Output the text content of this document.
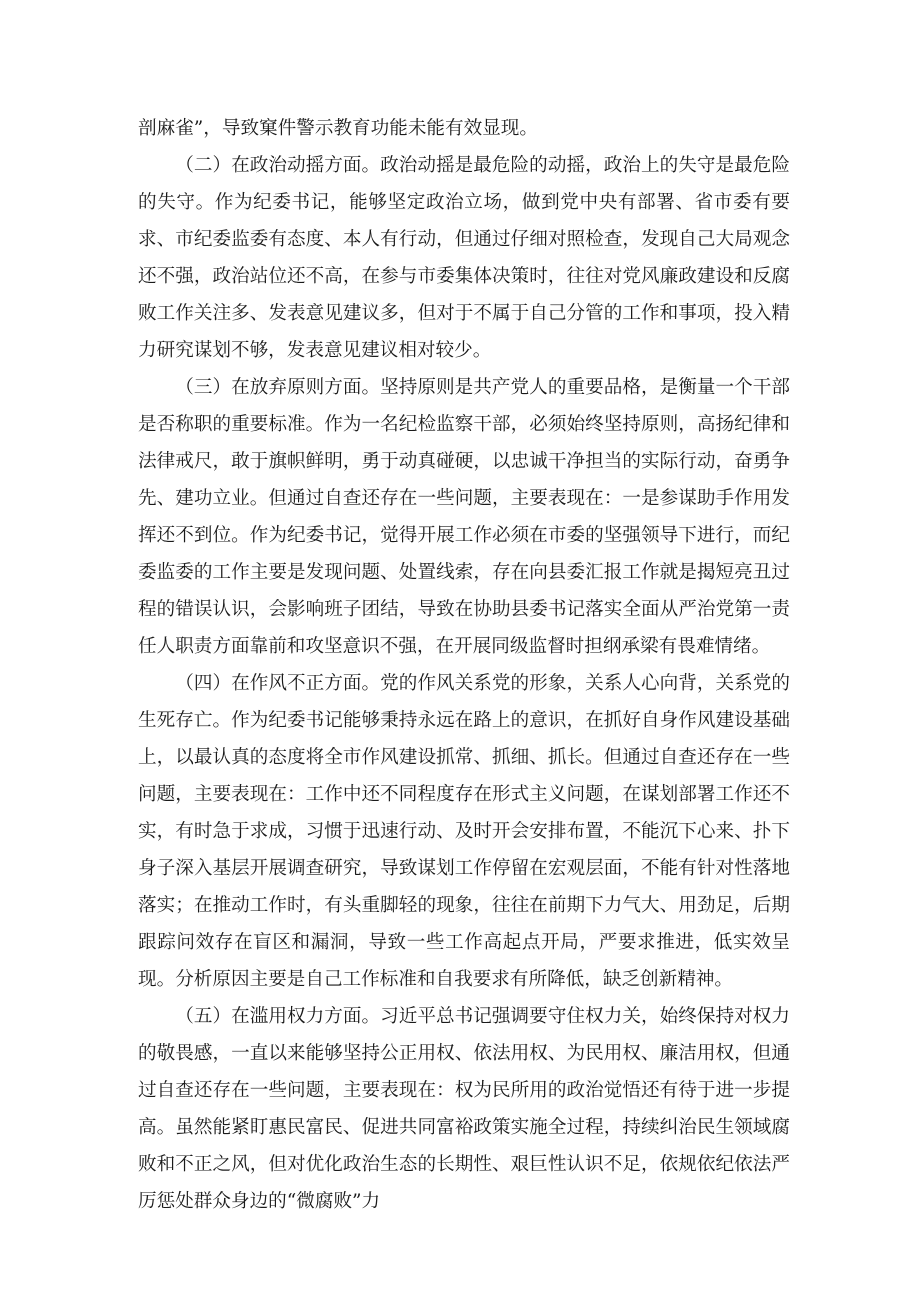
剖麻雀”，导致窠件警示教育功能未能有效显现。

（二）在政治动摇方面。政治动摇是最危险的动摇，政治上的失守是最危险的失守。作为纪委书记，能够坚定政治立场，做到党中央有部署、省市委有要求、市纪委监委有态度、本人有行动，但通过仔细对照检查，发现自己大局观念还不强，政治站位还不高，在参与市委集体决策时，往往对党风廉政建设和反腐败工作关注多、发表意见建议多，但对于不属于自己分管的工作和事项，投入精力研究谋划不够，发表意见建议相对较少。

（三）在放弃原则方面。坚持原则是共产党人的重要品格，是衡量一个干部是否称职的重要标准。作为一名纪检监察干部，必须始终坚持原则，高扬纪律和法律戒尺，敢于旗帜鲜明，勇于动真碰硬，以忠诚干净担当的实际行动，奋勇争先、建功立业。但通过自查还存在一些问题，主要表现在：一是参谋助手作用发挥还不到位。作为纪委书记，觉得开展工作必须在市委的坚强领导下进行，而纪委监委的工作主要是发现问题、处置线索，存在向县委汇报工作就是揭短亮丑过程的错误认识，会影响班子团结，导致在协助县委书记落实全面从严治党第一责任人职责方面靠前和攻坚意识不强，在开展同级监督时担纲承梁有畏难情绪。

（四）在作风不正方面。党的作风关系党的形象，关系人心向背，关系党的生死存亡。作为纪委书记能够秉持永远在路上的意识，在抓好自身作风建设基础上，以最认真的态度将全市作风建设抓常、抓细、抓长。但通过自查还存在一些问题，主要表现在：工作中还不同程度存在形式主义问题，在谋划部署工作还不实，有时急于求成，习惯于迅速行动、及时开会安排布置，不能沉下心来、扑下身子深入基层开展调查研究，导致谋划工作停留在宏观层面，不能有针对性落地落实；在推动工作时，有头重脚轻的现象，往往在前期下力气大、用劲足，后期跟踪问效存在盲区和漏洞，导致一些工作高起点开局，严要求推进，低实效呈现。分析原因主要是自己工作标准和自我要求有所降低，缺乏创新精神。

（五）在滥用权力方面。习近平总书记强调要守住权力关，始终保持对权力的敬畏感，一直以来能够坚持公正用权、依法用权、为民用权、廉洁用权，但通过自查还存在一些问题，主要表现在：权为民所用的政治觉悟还有待于进一步提高。虽然能紧盯惠民富民、促进共同富裕政策实施全过程，持续纠治民生领域腐败和不正之风，但对优化政治生态的长期性、艰巨性认识不足，依规依纪依法严厉惩处群众身边的“微腐败”力
